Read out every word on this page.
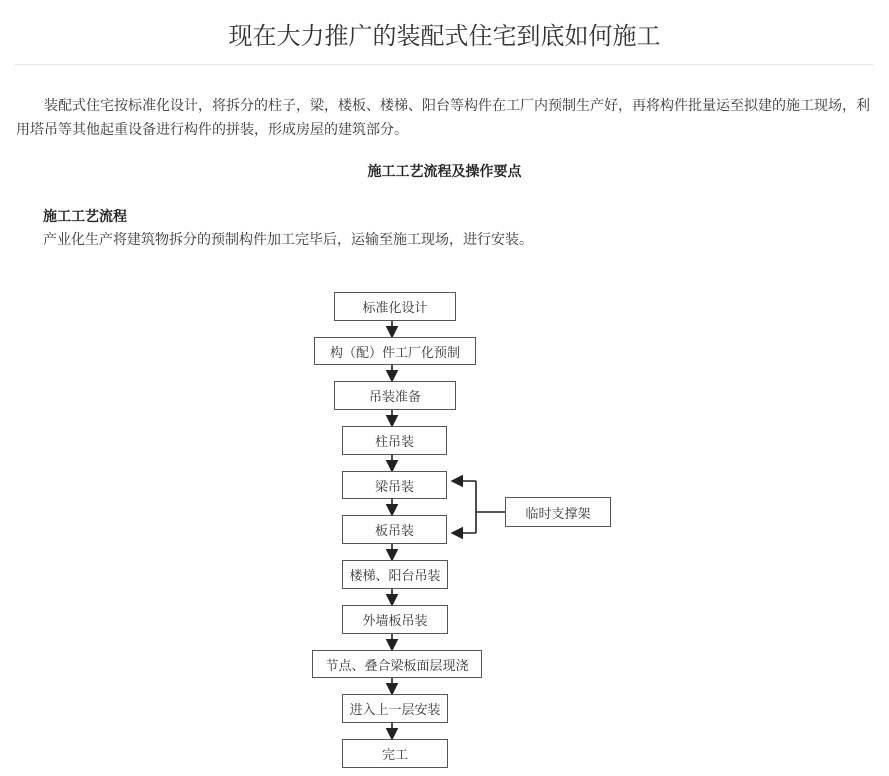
现在大力推广的装配式住宅到底如何施工

装配式住宅按标准化设计，将拆分的柱子，梁，楼板、楼梯、阳台等构件在工厂内预制生产好，再将构件批量运至拟建的施工现场，利用塔吊等其他起重设备进行构件的拼装，形成房屋的建筑部分。

施工工艺流程及操作要点
施工工艺流程
产业化生产将建筑物拆分的预制构件加工完毕后，运输至施工现场，进行安装。
标准化设计
构（配）件工厂化预制
吊装准备
柱吊装
梁吊装
板吊装
楼梯、阳台吊装
外墙板吊装
节点、叠合梁板面层现浇
进入上一层安装
完工
临时支撑架
